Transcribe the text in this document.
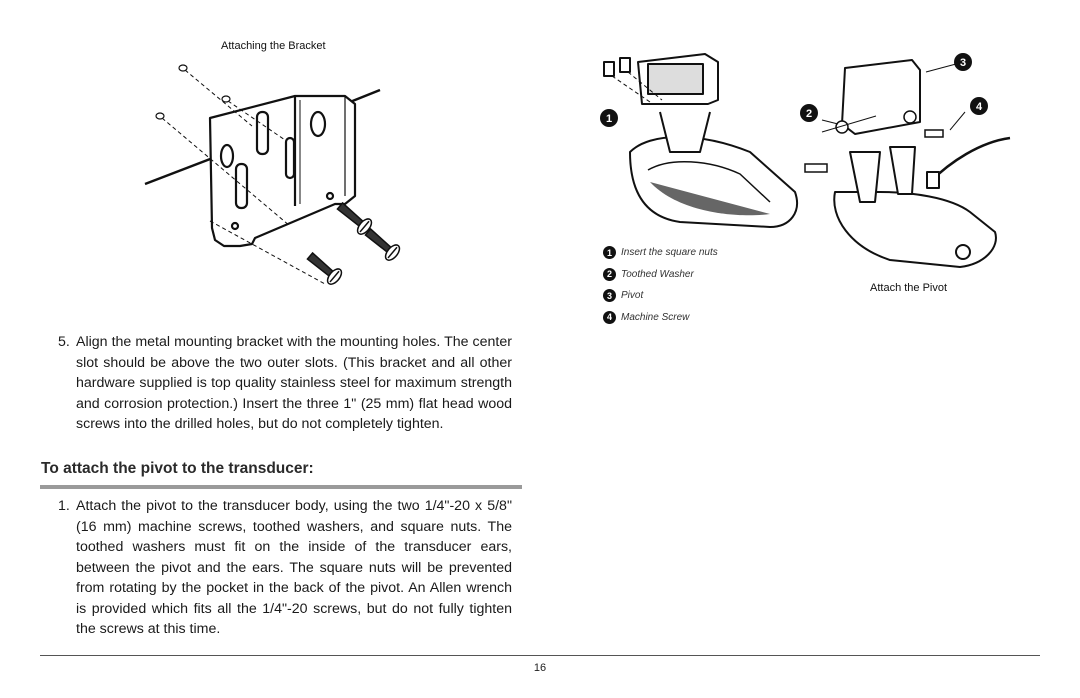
Attaching the Bracket
1	2
3
4
1 Insert the square nuts
2 Toothed Washer
3 Pivot
4 Machine Screw
Attach the Pivot
5. Align the metal mounting bracket with the mounting holes. The center slot should be above the two outer slots. (This bracket and all other hardware supplied is top quality stainless steel for maximum strength and corrosion protection.) Insert the three 1" (25 mm) flat head wood screws into the drilled holes, but do not completely tighten.
To attach the pivot to the transducer:
1. Attach the pivot to the transducer body, using the two 1/4"-20 x 5/8" (16 mm) machine screws, toothed washers, and square nuts. The toothed washers must fit on the inside of the transducer ears, between the pivot and the ears. The square nuts will be prevented from rotating by the pocket in the back of the pivot. An Allen wrench is provided which fits all the 1/4"-20 screws, but do not fully tighten the screws at this time.
16
